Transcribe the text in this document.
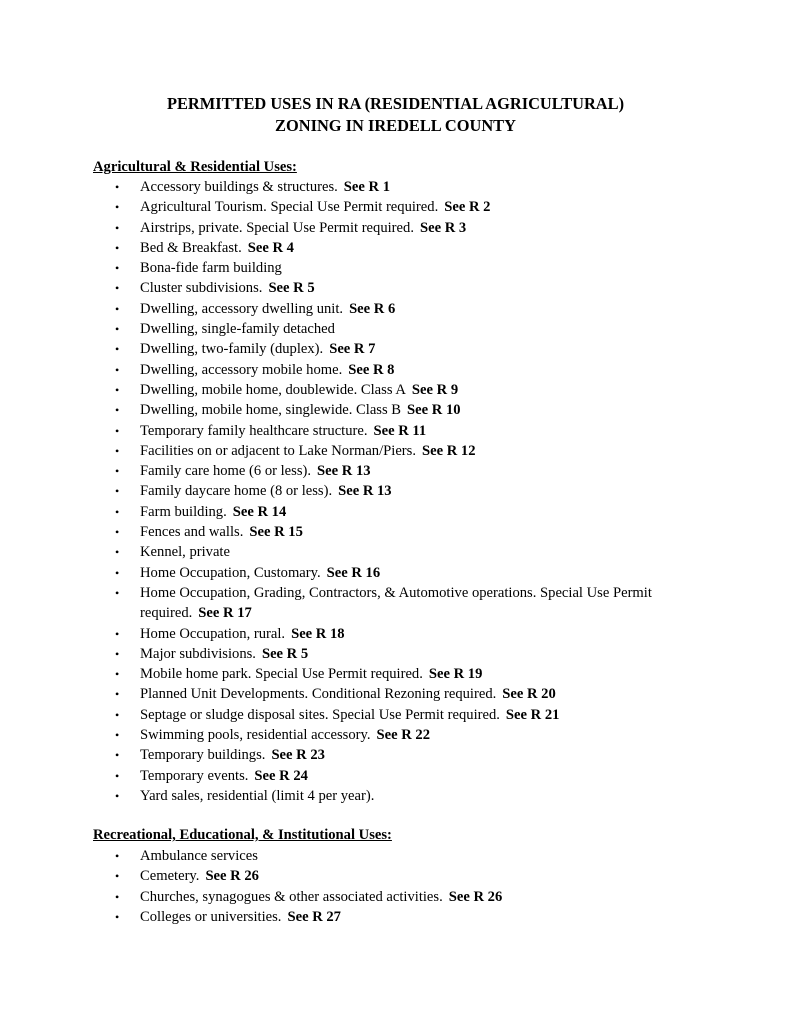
PERMITTED USES IN RA (RESIDENTIAL AGRICULTURAL)
ZONING IN IREDELL COUNTY
Agricultural & Residential Uses:
• Accessory buildings & structures. See R 1
• Agricultural Tourism. Special Use Permit required. See R 2
• Airstrips, private. Special Use Permit required. See R 3
• Bed & Breakfast. See R 4
• Bona-fide farm building
• Cluster subdivisions. See R 5
• Dwelling, accessory dwelling unit. See R 6
• Dwelling, single-family detached
• Dwelling, two-family (duplex). See R 7
• Dwelling, accessory mobile home. See R 8
• Dwelling, mobile home, doublewide. Class A See R 9
• Dwelling, mobile home, singlewide. Class B See R 10
• Temporary family healthcare structure. See R 11
• Facilities on or adjacent to Lake Norman/Piers. See R 12
• Family care home (6 or less). See R 13
• Family daycare home (8 or less). See R 13
• Farm building. See R 14
• Fences and walls. See R 15
• Kennel, private
• Home Occupation, Customary. See R 16
• Home Occupation, Grading, Contractors, & Automotive operations. Special Use Permit required. See R 17
• Home Occupation, rural. See R 18
• Major subdivisions. See R 5
• Mobile home park. Special Use Permit required. See R 19
• Planned Unit Developments. Conditional Rezoning required. See R 20
• Septage or sludge disposal sites. Special Use Permit required. See R 21
• Swimming pools, residential accessory. See R 22
• Temporary buildings. See R 23
• Temporary events. See R 24
• Yard sales, residential (limit 4 per year).
Recreational, Educational, & Institutional Uses:
• Ambulance services
• Cemetery. See R 26
• Churches, synagogues & other associated activities. See R 26
• Colleges or universities. See R 27
